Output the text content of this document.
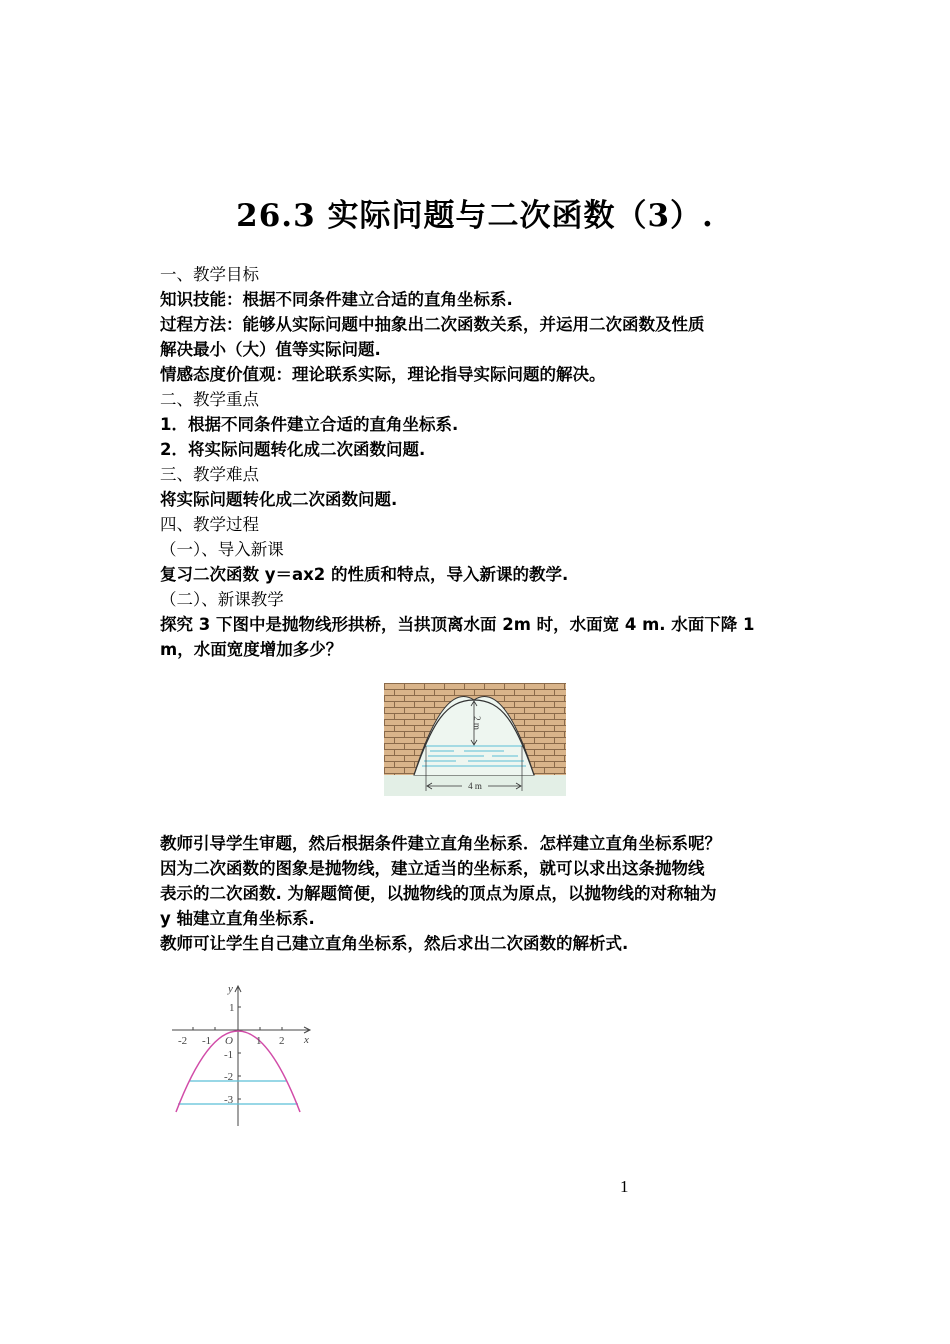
26.3 实际问题与二次函数（3）.

一、教学目标

知识技能：根据不同条件建立合适的直角坐标系.

过程方法：能够从实际问题中抽象出二次函数关系，并运用二次函数及性质

解决最小（大）值等实际问题.

情感态度价值观：理论联系实际，理论指导实际问题的解决。

二、教学重点

1．根据不同条件建立合适的直角坐标系.

2．将实际问题转化成二次函数问题.

三、教学难点

将实际问题转化成二次函数问题.

四、教学过程

（一）、导入新课

复习二次函数 y＝ax2 的性质和特点，导入新课的教学.

（二）、新课教学

探究 3 下图中是抛物线形拱桥，当拱顶离水面 2m 时，水面宽 4 m. 水面下降 1

m，水面宽度增加多少？

2 m
4 m

教师引导学生审题，然后根据条件建立直角坐标系．怎样建立直角坐标系呢？

因为二次函数的图象是抛物线，建立适当的坐标系，就可以求出这条抛物线

表示的二次函数. 为解题简便，以抛物线的顶点为原点，以抛物线的对称轴为

y 轴建立直角坐标系.

教师可让学生自己建立直角坐标系，然后求出二次函数的解析式.

y
x
O
-2 -1	1 2
1
-1
-2
-3
1
